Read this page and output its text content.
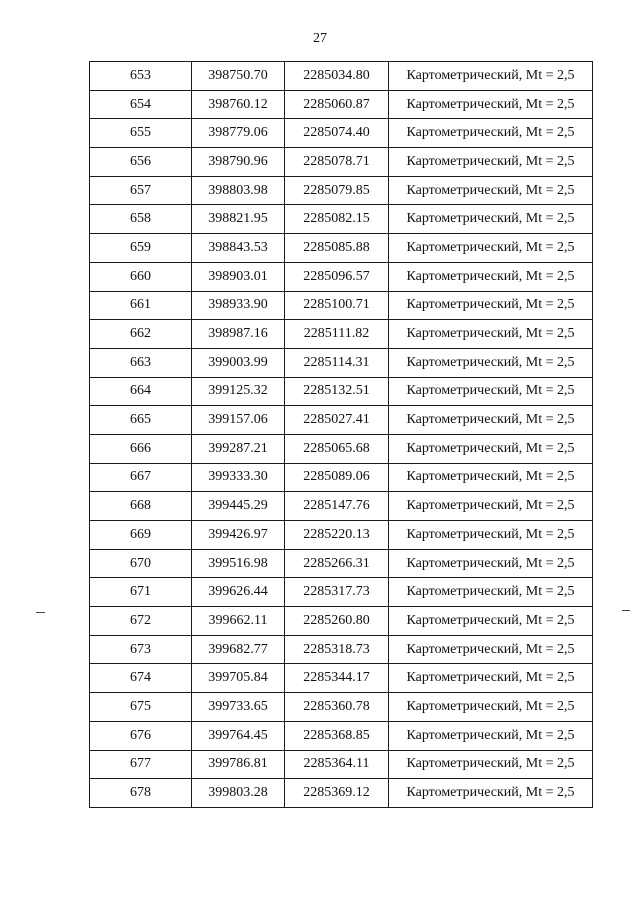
27
653	398750.70	2285034.80	Картометрический, Mt = 2,5
654	398760.12	2285060.87	Картометрический, Mt = 2,5
655	398779.06	2285074.40	Картометрический, Mt = 2,5
656	398790.96	2285078.71	Картометрический, Mt = 2,5
657	398803.98	2285079.85	Картометрический, Mt = 2,5
658	398821.95	2285082.15	Картометрический, Mt = 2,5
659	398843.53	2285085.88	Картометрический, Mt = 2,5
660	398903.01	2285096.57	Картометрический, Mt = 2,5
661	398933.90	2285100.71	Картометрический, Mt = 2,5
662	398987.16	2285111.82	Картометрический, Mt = 2,5
663	399003.99	2285114.31	Картометрический, Mt = 2,5
664	399125.32	2285132.51	Картометрический, Mt = 2,5
665	399157.06	2285027.41	Картометрический, Mt = 2,5
666	399287.21	2285065.68	Картометрический, Mt = 2,5
667	399333.30	2285089.06	Картометрический, Mt = 2,5
668	399445.29	2285147.76	Картометрический, Mt = 2,5
669	399426.97	2285220.13	Картометрический, Mt = 2,5
670	399516.98	2285266.31	Картометрический, Mt = 2,5
671	399626.44	2285317.73	Картометрический, Mt = 2,5
672	399662.11	2285260.80	Картометрический, Mt = 2,5
673	399682.77	2285318.73	Картометрический, Mt = 2,5
674	399705.84	2285344.17	Картометрический, Mt = 2,5
675	399733.65	2285360.78	Картометрический, Mt = 2,5
676	399764.45	2285368.85	Картометрический, Mt = 2,5
677	399786.81	2285364.11	Картометрический, Mt = 2,5
678	399803.28	2285369.12	Картометрический, Mt = 2,5
